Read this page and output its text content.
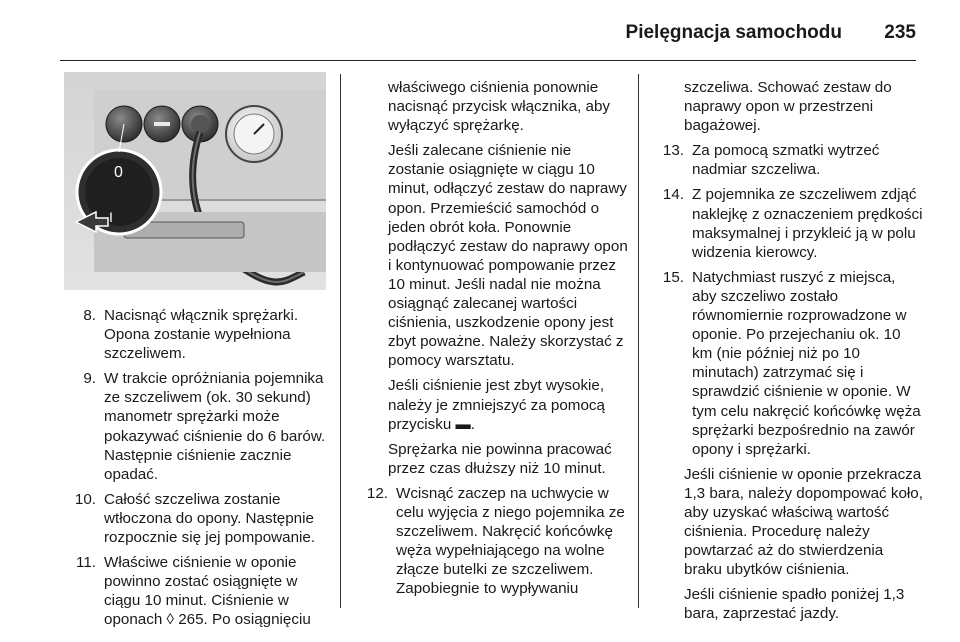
Pielęgnacja samochodu 235
0
I
8. Nacisnąć włącznik sprężarki. Opona zostanie wypełniona szczeliwem.
9. W trakcie opróżniania pojemnika ze szczeliwem (ok. 30 sekund) manometr sprężarki może pokazywać ciśnienie do 6 barów. Następnie ciśnienie zacznie opadać.
10. Całość szczeliwa zostanie wtłoczona do opony. Następnie rozpocznie się jej pompowanie.
11. Właściwe ciśnienie w oponie powinno zostać osiągnięte w ciągu 10 minut. Ciśnienie w oponach ◊ 265. Po osiągnięciu
właściwego ciśnienia ponownie nacisnąć przycisk włącznika, aby wyłączyć sprężarkę.
Jeśli zalecane ciśnienie nie zostanie osiągnięte w ciągu 10 minut, odłączyć zestaw do naprawy opon. Przemieścić samochód o jeden obrót koła. Ponownie podłączyć zestaw do naprawy opon i kontynuować pompowanie przez 10 minut. Jeśli nadal nie można osiągnąć zalecanej wartości ciśnienia, uszkodzenie opony jest zbyt poważne. Należy skorzystać z pomocy warsztatu.
Jeśli ciśnienie jest zbyt wysokie, należy je zmniejszyć za pomocą przycisku ▬.
Sprężarka nie powinna pracować przez czas dłuższy niż 10 minut.
12. Wcisnąć zaczep na uchwycie w celu wyjęcia z niego pojemnika ze szczeliwem. Nakręcić końcówkę węża wypełniającego na wolne złącze butelki ze szczeliwem. Zapobiegnie to wypływaniu
szczeliwa. Schować zestaw do naprawy opon w przestrzeni bagażowej.
13. Za pomocą szmatki wytrzeć nadmiar szczeliwa.
14. Z pojemnika ze szczeliwem zdjąć naklejkę z oznaczeniem prędkości maksymalnej i przykleić ją w polu widzenia kierowcy.
15. Natychmiast ruszyć z miejsca, aby szczeliwo zostało równomiernie rozprowadzone w oponie. Po przejechaniu ok. 10 km (nie później niż po 10 minutach) zatrzymać się i sprawdzić ciśnienie w oponie. W tym celu nakręcić końcówkę węża sprężarki bezpośrednio na zawór opony i sprężarki.
Jeśli ciśnienie w oponie przekracza 1,3 bara, należy dopompować koło, aby uzyskać właściwą wartość ciśnienia. Procedurę należy powtarzać aż do stwierdzenia braku ubytków ciśnienia.
Jeśli ciśnienie spadło poniżej 1,3 bara, zaprzestać jazdy.
